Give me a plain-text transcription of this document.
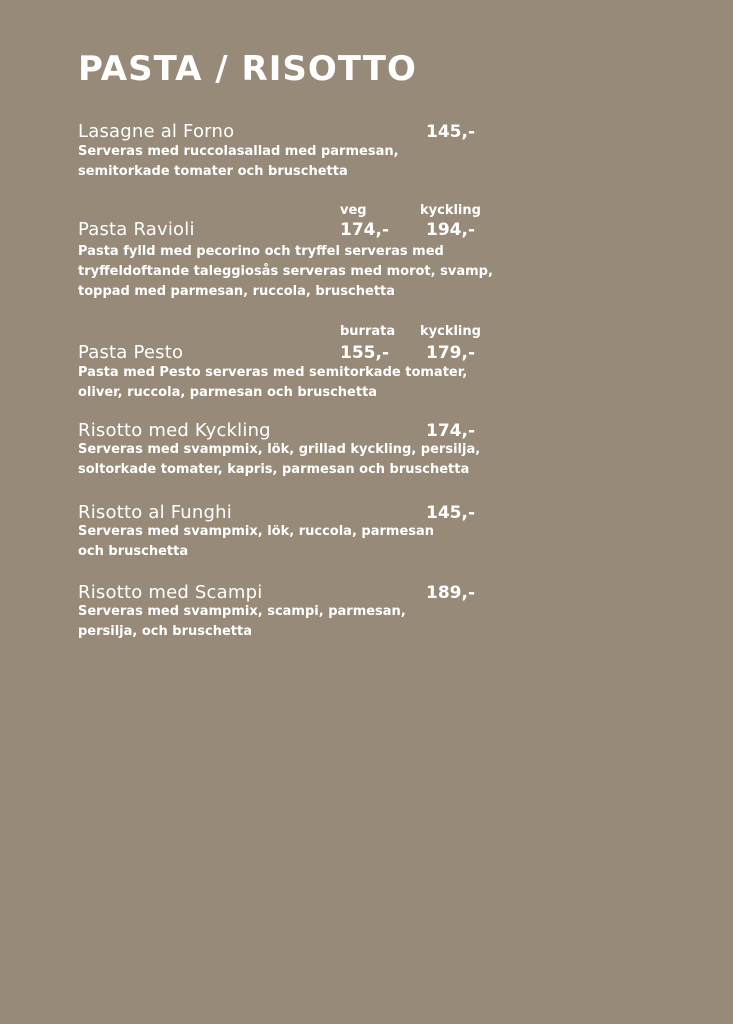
PASTA / RISOTTO
Lasagne al Forno	145,-
Serveras med ruccolasallad med parmesan,
semitorkade tomater och bruschetta
veg	kyckling
Pasta Ravioli	174,- 194,-
Pasta fylld med pecorino och tryffel serveras med
tryffeldoftande taleggiosås serveras med morot, svamp,
toppad med parmesan, ruccola, bruschetta
burrata kyckling
Pasta Pesto	155,- 179,-
Pasta med Pesto serveras med semitorkade tomater,
oliver, ruccola, parmesan och bruschetta
Risotto med Kyckling	174,-
Serveras med svampmix, lök, grillad kyckling, persilja,
soltorkade tomater, kapris, parmesan och bruschetta
Risotto al Funghi	145,-
Serveras med svampmix, lök, ruccola, parmesan
och bruschetta
Risotto med Scampi	189,-
Serveras med svampmix, scampi, parmesan,
persilja, och bruschetta
